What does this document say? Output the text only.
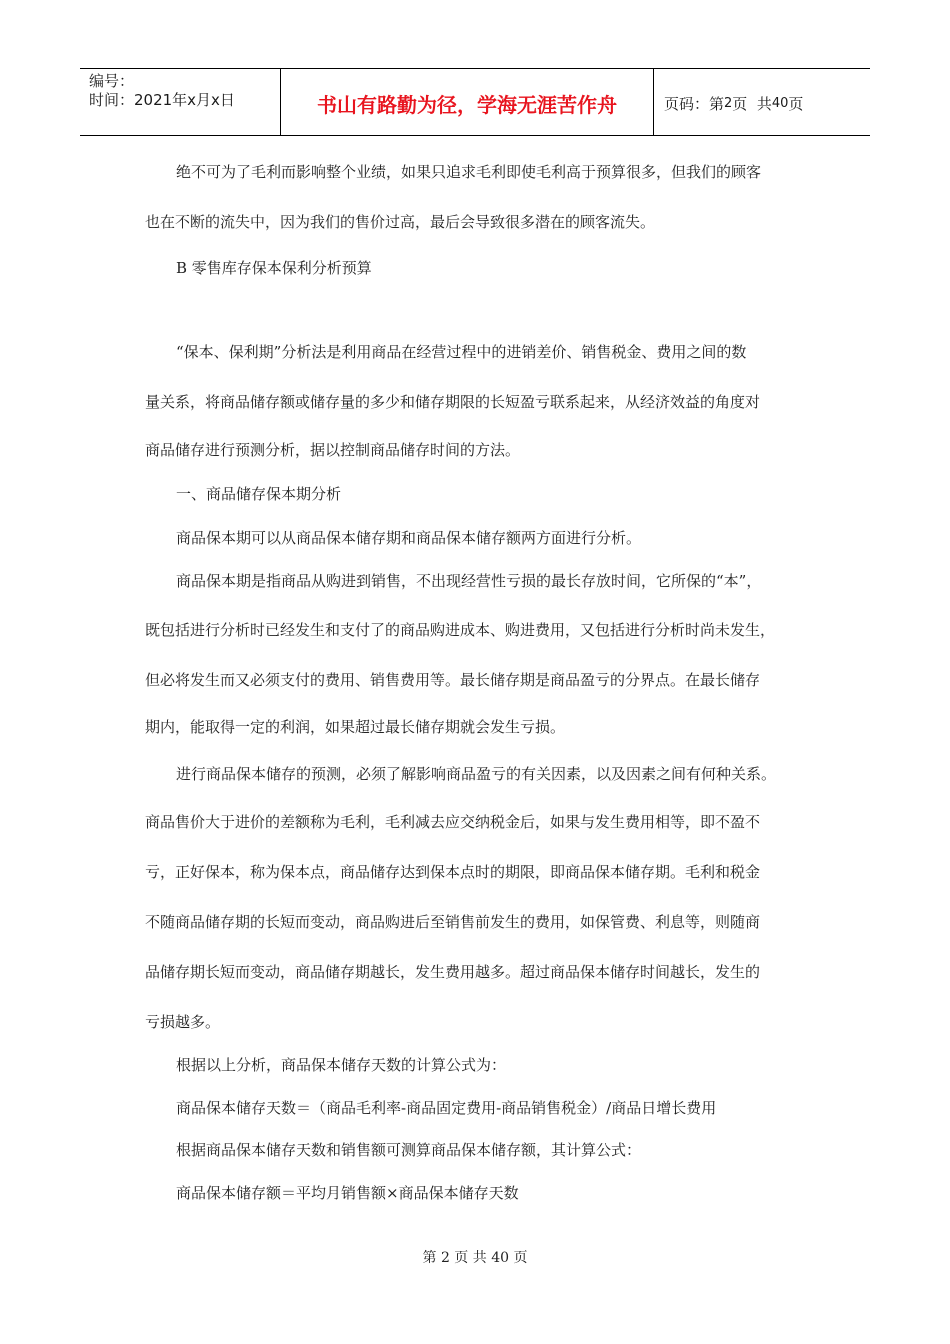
编号：
时间：2021年x月x日	书山有路勤为径，学海无涯苦作舟	页码：第 2 页  共 40 页
绝不可为了毛利而影响整个业绩，如果只追求毛利即使毛利高于预算很多，但我们的顾客
也在不断的流失中，因为我们的售价过高，最后会导致很多潜在的顾客流失。
B 零售库存保本保利分析预算
“保本、保利期”分析法是利用商品在经营过程中的进销差价、销售税金、费用之间的数
量关系，将商品储存额或储存量的多少和储存期限的长短盈亏联系起来，从经济效益的角度对
商品储存进行预测分析，据以控制商品储存时间的方法。
一、商品储存保本期分析
商品保本期可以从商品保本储存期和商品保本储存额两方面进行分析。
商品保本期是指商品从购进到销售，不出现经营性亏损的最长存放时间，它所保的“本”，
既包括进行分析时已经发生和支付了的商品购进成本、购进费用，又包括进行分析时尚未发生，
但必将发生而又必须支付的费用、销售费用等。最长储存期是商品盈亏的分界点。在最长储存
期内，能取得一定的利润，如果超过最长储存期就会发生亏损。
进行商品保本储存的预测，必须了解影响商品盈亏的有关因素，以及因素之间有何种关系。
商品售价大于进价的差额称为毛利，毛利减去应交纳税金后，如果与发生费用相等，即不盈不
亏，正好保本，称为保本点，商品储存达到保本点时的期限，即商品保本储存期。毛利和税金
不随商品储存期的长短而变动，商品购进后至销售前发生的费用，如保管费、利息等，则随商
品储存期长短而变动，商品储存期越长，发生费用越多。超过商品保本储存时间越长，发生的
亏损越多。
根据以上分析，商品保本储存天数的计算公式为：
商品保本储存天数＝（商品毛利率-商品固定费用-商品销售税金）/商品日增长费用
根据商品保本储存天数和销售额可测算商品保本储存额，其计算公式：
商品保本储存额＝平均月销售额×商品保本储存天数
第 2 页 共 40 页
